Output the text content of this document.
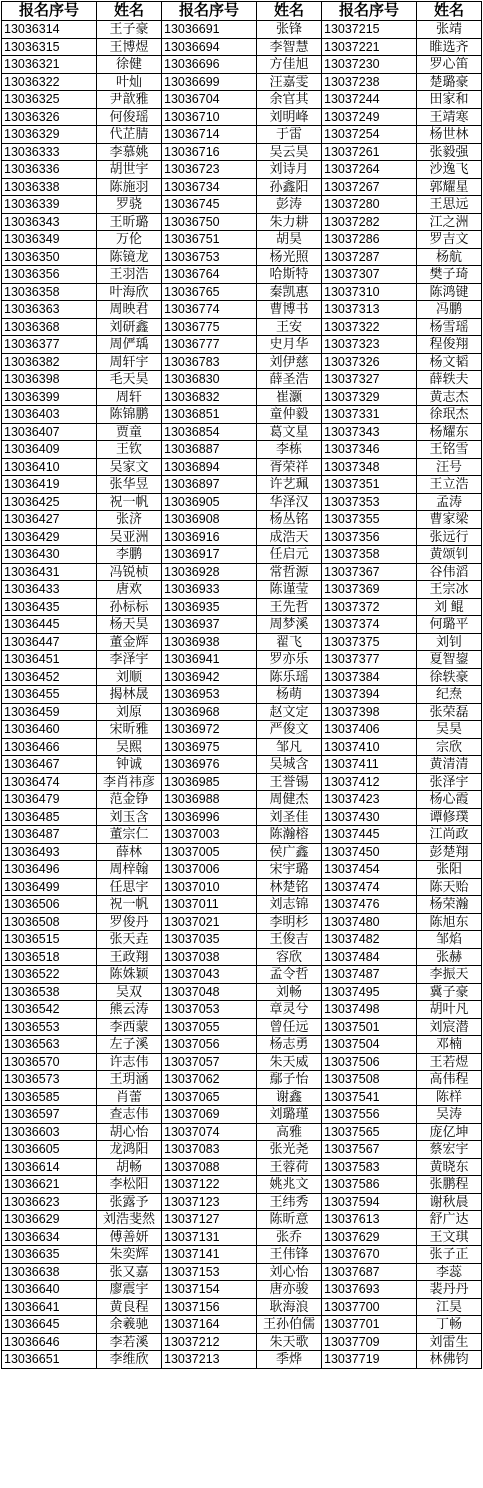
报名序号	姓名	报名序号	姓名	报名序号	姓名
13036314	王子豪	13036691	张锋	13037215	张靖
13036315	王博煜	13036694	李智慧	13037221	睢选齐
13036321	徐健	13036696	方佳旭	13037230	罗心笛
13036322	叶灿	13036699	汪嘉雯	13037238	楚璐豪
13036325	尹歆雅	13036704	余官其	13037244	田家和
13036326	何俊瑶	13036710	刘明峰	13037249	王靖寒
13036329	代芷腈	13036714	于雷	13037254	杨世林
13036333	李慕姚	13036716	吴云昊	13037261	张毅强
13036336	胡世宇	13036723	刘诗月	13037264	沙逸飞
13036338	陈施羽	13036734	孙鑫阳	13037267	郭耀星
13036339	罗骁	13036745	彭涛	13037280	王思远
13036343	王昕璐	13036750	朱力耕	13037282	江之洲
13036349	万伦	13036751	胡昊	13037286	罗吉文
13036350	陈镜龙	13036753	杨光照	13037287	杨航
13036356	王羽浩	13036764	哈斯特	13037307	樊子琦
13036358	叶海欣	13036765	秦凯惠	13037310	陈鸿键
13036363	周映君	13036774	曹博书	13037313	冯鹏
13036368	刘研鑫	13036775	王安	13037322	杨雪瑶
13036377	周俨瑀	13036777	史月华	13037323	程俊翔
13036382	周轩宇	13036783	刘伊慈	13037326	杨文韬
13036398	毛天昊	13036830	薛圣浩	13037327	薛轶夫
13036399	周轩	13036832	崔灏	13037329	黄志杰
13036403	陈锦鹏	13036851	童仲毅	13037331	徐珉杰
13036407	贾童	13036854	葛文星	13037343	杨耀东
13036409	王钦	13036887	李栋	13037346	王铭雪
13036410	吴家文	13036894	胥荣祥	13037348	汪号
13036419	张华昱	13036897	许艺珮	13037351	王立浩
13036425	祝一帆	13036905	华泽汉	13037353	孟涛
13036427	张济	13036908	杨丛铭	13037355	曹家梁
13036429	吴亚洲	13036916	成浩天	13037356	张远行
13036430	李鹏	13036917	任启元	13037358	黄颂钊
13036431	冯锐桢	13036928	常哲源	13037367	谷伟滔
13036433	唐欢	13036933	陈谨莹	13037369	王宗冰
13036435	孙标标	13036935	王先哲	13037372	刘 鲲
13036445	杨天昊	13036937	周梦溪	13037374	何璐平
13036447	董金辉	13036938	翟飞	13037375	刘钊
13036451	李泽宇	13036941	罗亦乐	13037377	夏智鋆
13036452	刘顺	13036942	陈乐瑶	13037384	徐轶豪
13036455	揭林晟	13036953	杨萌	13037394	纪焘
13036459	刘原	13036968	赵文定	13037398	张荣磊
13036460	宋昕雅	13036972	严俊文	13037406	吴昊
13036466	吴熙	13036975	邹凡	13037410	宗欣
13036467	钟诚	13036976	吴城含	13037411	黄清清
13036474	李肖祎彦	13036985	王誉锡	13037412	张泽宇
13036479	范金铮	13036988	周健杰	13037423	杨心霞
13036485	刘玉含	13036996	刘圣佳	13037430	谭修璞
13036487	董宗仁	13037003	陈瀚榕	13037445	江尚政
13036493	薛林	13037005	侯广鑫	13037450	彭楚翔
13036496	周梓翰	13037006	宋宇璐	13037454	张阳
13036499	任思宇	13037010	林楚铭	13037474	陈天贻
13036506	祝一帆	13037011	刘志锦	13037476	杨荣瀚
13036508	罗俊丹	13037021	李明杉	13037480	陈旭东
13036515	张天垚	13037035	王俊吉	13037482	邹焰
13036518	王政翔	13037038	容欣	13037484	张赫
13036522	陈姝颖	13037043	孟令哲	13037487	李振天
13036538	吴双	13037048	刘畅	13037495	冀子豪
13036542	熊云涛	13037053	章灵兮	13037498	胡叶凡
13036553	李西蒙	13037055	曾任远	13037501	刘宸潜
13036563	左子溪	13037056	杨志勇	13037504	邓楠
13036570	许志伟	13037057	朱天威	13037506	王若煜
13036573	王玥涵	13037062	鄢子怡	13037508	高伟程
13036585	肖蕾	13037065	谢鑫	13037541	陈样
13036597	查志伟	13037069	刘璐瑾	13037556	吴涛
13036603	胡心怡	13037074	高雅	13037565	庞亿坤
13036605	龙鸿阳	13037083	张光尧	13037567	蔡宏宇
13036614	胡畅	13037088	王蓉荷	13037583	黄晓东
13036621	李松阳	13037122	姚兆文	13037586	张鹏程
13036623	张露予	13037123	王纬秀	13037594	谢秋晨
13036629	刘浩斐然	13037127	陈昕意	13037613	舒广达
13036634	傅善妍	13037131	张乔	13037629	王文琪
13036635	朱奕辉	13037141	王伟锋	13037670	张子正
13036638	张又嘉	13037153	刘心怡	13037687	李蕊
13036640	廖震宇	13037154	唐亦骏	13037693	裴丹丹
13036641	黄良程	13037156	耿海浪	13037700	江昊
13036645	余羲驰	13037164	王孙伯儒	13037701	丁畅
13036646	李若溪	13037212	朱天歌	13037709	刘雷生
13036651	李维欣	13037213	季烨	13037719	林佛钧
